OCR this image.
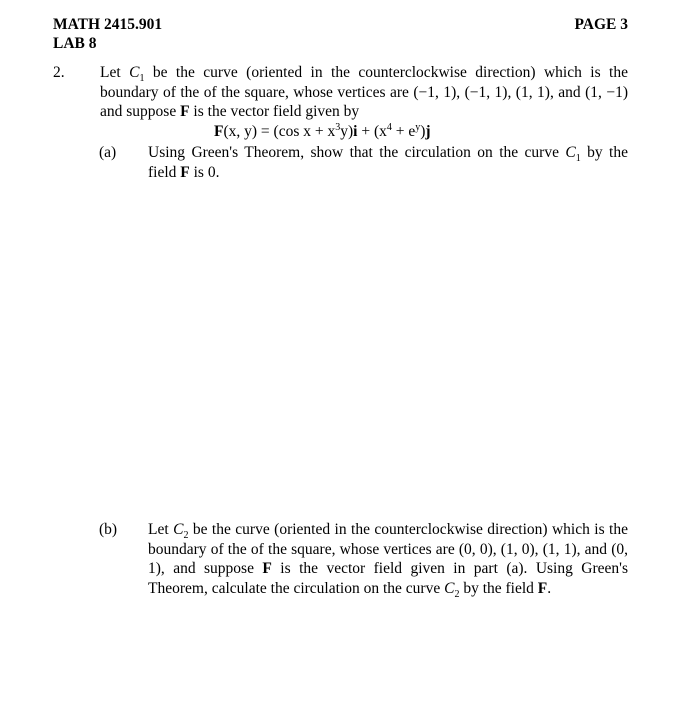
MATH 2415.901
LAB 8
PAGE 3
2. Let $C_1$ be the curve (oriented in the counterclockwise direction) which is the boundary of the of the square, whose vertices are (−1, 1), (−1, 1), (1, 1), and (1, −1) and suppose F is the vector field given by
F(x, y) = (cos $x + x^3y)i + (x^4 + e^y)j$
(a) Using Green's Theorem, show that the circulation on the curve $C_1$ by the field F is 0.
(b) Let $C_2$ be the curve (oriented in the counterclockwise direction) which is the boundary of the of the square, whose vertices are (0, 0), (1, 0), (1, 1), and (0, 1), and suppose F is the vector field given in part (a). Using Green's Theorem, calculate the circulation on the curve $C_2$ by the field F.
